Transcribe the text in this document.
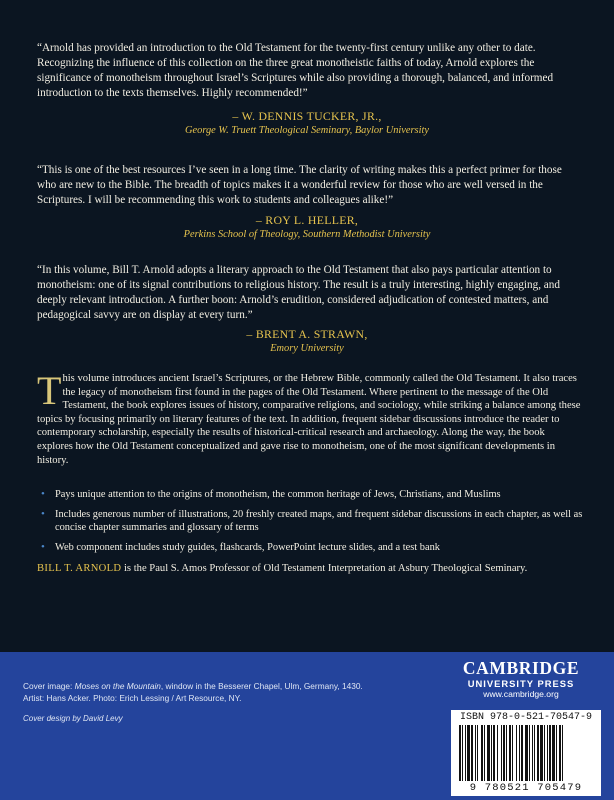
“Arnold has provided an introduction to the Old Testament for the twenty-first century unlike any other to date. Recognizing the influence of this collection on the three great monotheistic faiths of today, Arnold explores the significance of monotheism throughout Israel’s Scriptures while also providing a thorough, balanced, and informed introduction to the texts themselves. Highly recommended!”

– W. DENNIS TUCKER, JR.,
George W. Truett Theological Seminary, Baylor University

“This is one of the best resources I’ve seen in a long time. The clarity of writing makes this a perfect primer for those who are new to the Bible. The breadth of topics makes it a wonderful review for those who are well versed in the Scriptures. I will be recommending this work to students and colleagues alike!”

– ROY L. HELLER,
Perkins School of Theology, Southern Methodist University

“In this volume, Bill T. Arnold adopts a literary approach to the Old Testament that also pays particular attention to monotheism: one of its signal contributions to religious history. The result is a truly interesting, highly engaging, and deeply relevant introduction. A further boon: Arnold’s erudition, considered adjudication of contested matters, and pedagogical savvy are on display at every turn.”

– BRENT A. STRAWN,
Emory University
This volume introduces ancient Israel’s Scriptures, or the Hebrew Bible, commonly called the Old Testament. It also traces the legacy of monotheism first found in the pages of the Old Testament. Where pertinent to the message of the Old Testament, the book explores issues of history, comparative religions, and sociology, while striking a balance among these topics by focusing primarily on literary features of the text. In addition, frequent sidebar discussions introduce the reader to contemporary scholarship, especially the results of historical-critical research and archaeology. Along the way, the book explores how the Old Testament conceptualized and gave rise to monotheism, one of the most significant developments in history.
• Pays unique attention to the origins of monotheism, the common heritage of Jews, Christians, and Muslims
• Includes generous number of illustrations, 20 freshly created maps, and frequent sidebar discussions in each chapter, as well as concise chapter summaries and glossary of terms
• Web component includes study guides, flashcards, PowerPoint lecture slides, and a test bank
BILL T. ARNOLD is the Paul S. Amos Professor of Old Testament Interpretation at Asbury Theological Seminary.
Cover image: Moses on the Mountain, window in the Besserer Chapel, Ulm, Germany, 1430.
Artist: Hans Acker. Photo: Erich Lessing / Art Resource, NY.
Cover design by David Levy
CAMBRIDGE
UNIVERSITY PRESS
www.cambridge.org
ISBN 978-0-521-70547-9
9 780521 705479
